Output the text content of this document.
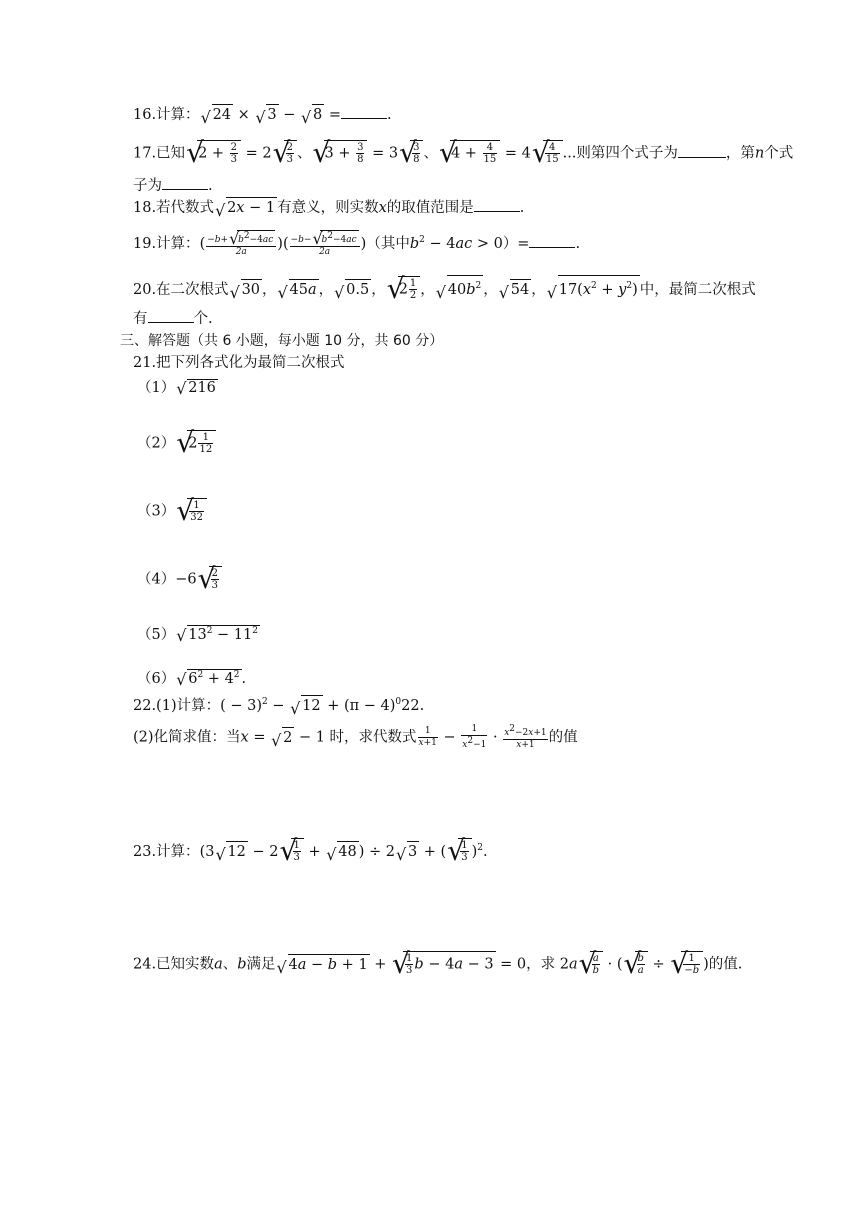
16.计算： √ 24 × √ 3 − √ 8 =	.
17.已知 √ $2 + \frac{2}{3} = 2$ √ $\frac{2}{3}$ 、 √ $3 + \frac{3}{8} = 3$ √ $\frac{3}{8}$ 、 √ $4 + \frac{4}{15} = 4$ √ $\frac{4}{15}$ ...则第四个式子为	，第n个式
子为	.
18.若代数式 √ 2x − 1 有意义，则实数x的取值范围是	.
19.计算：( $\frac{-b+ √ b^2-4ac}{2a}$ )( $\frac{-b- √ b^2-4ac}{2a}$ )（其中$b^2 - 4ac > 0)=$	.
20.在二次根式 √ 30 ， √ 45a ， √ 0.5 ， √ $2 \frac{1}{2}$ ， √ $40b^2$ ， √ 54 ， √ $17(x^2 + y^2)$ 中，最简二次根式
有	个.
三、解答题（共 6 小题，每小题 10 分，共 60 分）
21.把下列各式化为最简二次根式
（1） √ 216
（2） √ $2 \frac{1}{12}$
（3） √ $\frac{1}{32}$
（4）−6 √ $\frac{2}{3}$
（5） √ $13^2 - 11^2$
（6） √ $6^2 + 4^2$ .
22.(1)计算：( − 3)$^2$ − √ $12 + (\pi - 4)^022$.
(2)化简求值：当x = √ 2 − 1 时，求代数式 $\frac{1}{x+1} - \frac{1}{x^2-1} \cdot \frac{x^2-2x+1}{x+1}$ 的值
23.计算：(3 √ 12 − 2 √ $\frac{1}{3}$ + √ 48 ) ÷ 2 √ 3 + ( √ $\frac{1}{3} )^2$.
24.已知实数a、b满足 √ 4a − b + 1 + √ $\frac{1}{3}$ b − 4a − 3 = 0，求 2a √ $\frac{a}{b}$ · ( √ $\frac{b}{a}$ ÷ √ $\frac{1}{-b}$ )的值.
